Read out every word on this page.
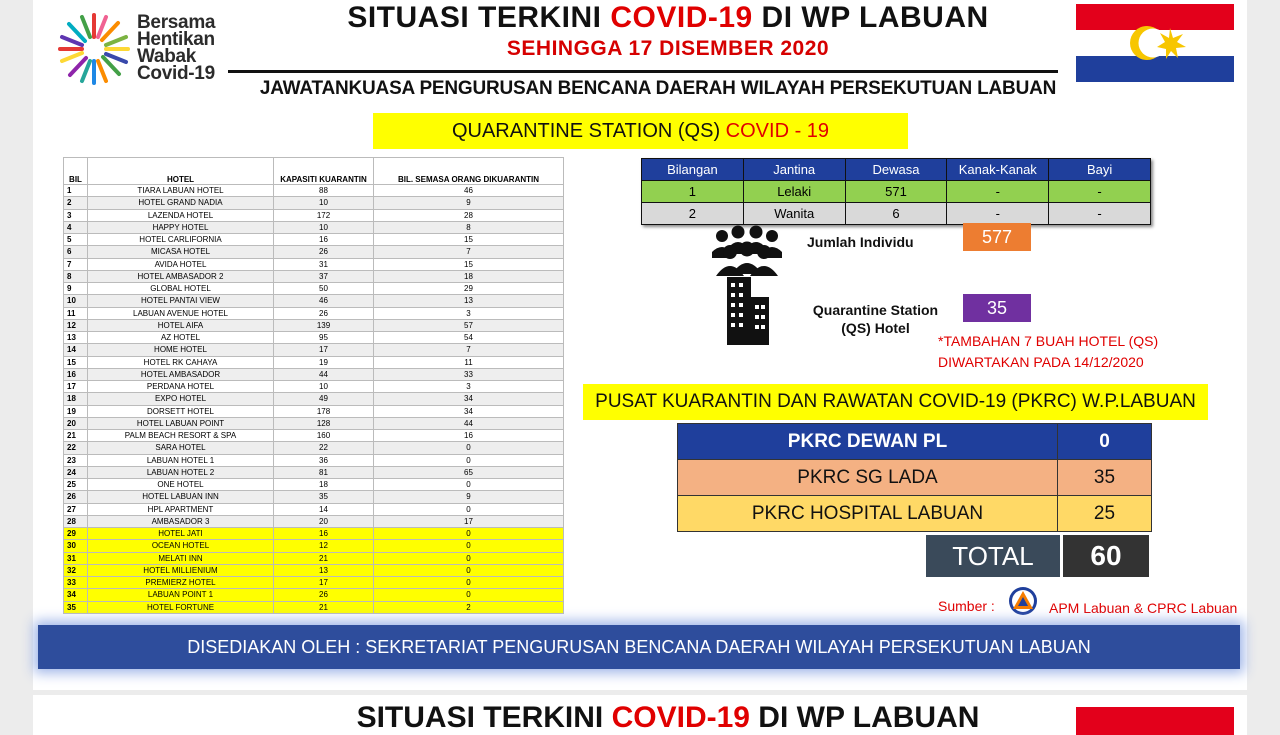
Bersama
Hentikan
Wabak
Covid-19
SITUASI TERKINI COVID-19 DI WP LABUAN
SEHINGGA 17 DISEMBER 2020
JAWATANKUASA PENGURUSAN BENCANA DAERAH WILAYAH PERSEKUTUAN LABUAN
QUARANTINE STATION (QS) COVID - 19
BIL	HOTEL	KAPASITI KUARANTIN	BIL. SEMASA ORANG DIKUARANTIN
1	TIARA LABUAN HOTEL	88	46
2	HOTEL GRAND NADIA	10	9
3	LAZENDA HOTEL	172	28
4	HAPPY HOTEL	10	8
5	HOTEL CARLIFORNIA	16	15
6	MICASA HOTEL	26	7
7	AVIDA HOTEL	31	15
8	HOTEL AMBASADOR 2	37	18
9	GLOBAL HOTEL	50	29
10	HOTEL PANTAI VIEW	46	13
11	LABUAN AVENUE HOTEL	26	3
12	HOTEL AIFA	139	57
13	AZ HOTEL	95	54
14	HOME HOTEL	17	7
15	HOTEL RK CAHAYA	19	11
16	HOTEL AMBASADOR	44	33
17	PERDANA HOTEL	10	3
18	EXPO HOTEL	49	34
19	DORSETT HOTEL	178	34
20	HOTEL LABUAN POINT	128	44
21	PALM BEACH RESORT & SPA	160	16
22	SARA HOTEL	22	0
23	LABUAN HOTEL 1	36	0
24	LABUAN HOTEL 2	81	65
25	ONE HOTEL	18	0
26	HOTEL LABUAN INN	35	9
27	HPL APARTMENT	14	0
28	AMBASADOR 3	20	17
29	HOTEL JATI	16	0
30	OCEAN HOTEL	12	0
31	MELATI INN	21	0
32	HOTEL MILLIENIUM	13	0
33	PREMIERZ HOTEL	17	0
34	LABUAN POINT 1	26	0
35	HOTEL FORTUNE	21	2
Bilangan	Jantina	Dewasa	Kanak-Kanak	Bayi
1	Lelaki	571	-	-
2	Wanita	6	-	-
Jumlah Individu	577
Quarantine Station
(QS) Hotel
35
*TAMBAHAN 7 BUAH HOTEL (QS)
DIWARTAKAN PADA 14/12/2020
PUSAT KUARANTIN DAN RAWATAN COVID-19 (PKRC) W.P.LABUAN
PKRC DEWAN PL	0
PKRC SG LADA	35
PKRC HOSPITAL LABUAN	25
TOTAL	60
Sumber :	APM Labuan & CPRC Labuan
DISEDIAKAN OLEH : SEKRETARIAT PENGURUSAN BENCANA DAERAH WILAYAH PERSEKUTUAN LABUAN
SITUASI TERKINI COVID-19 DI WP LABUAN
